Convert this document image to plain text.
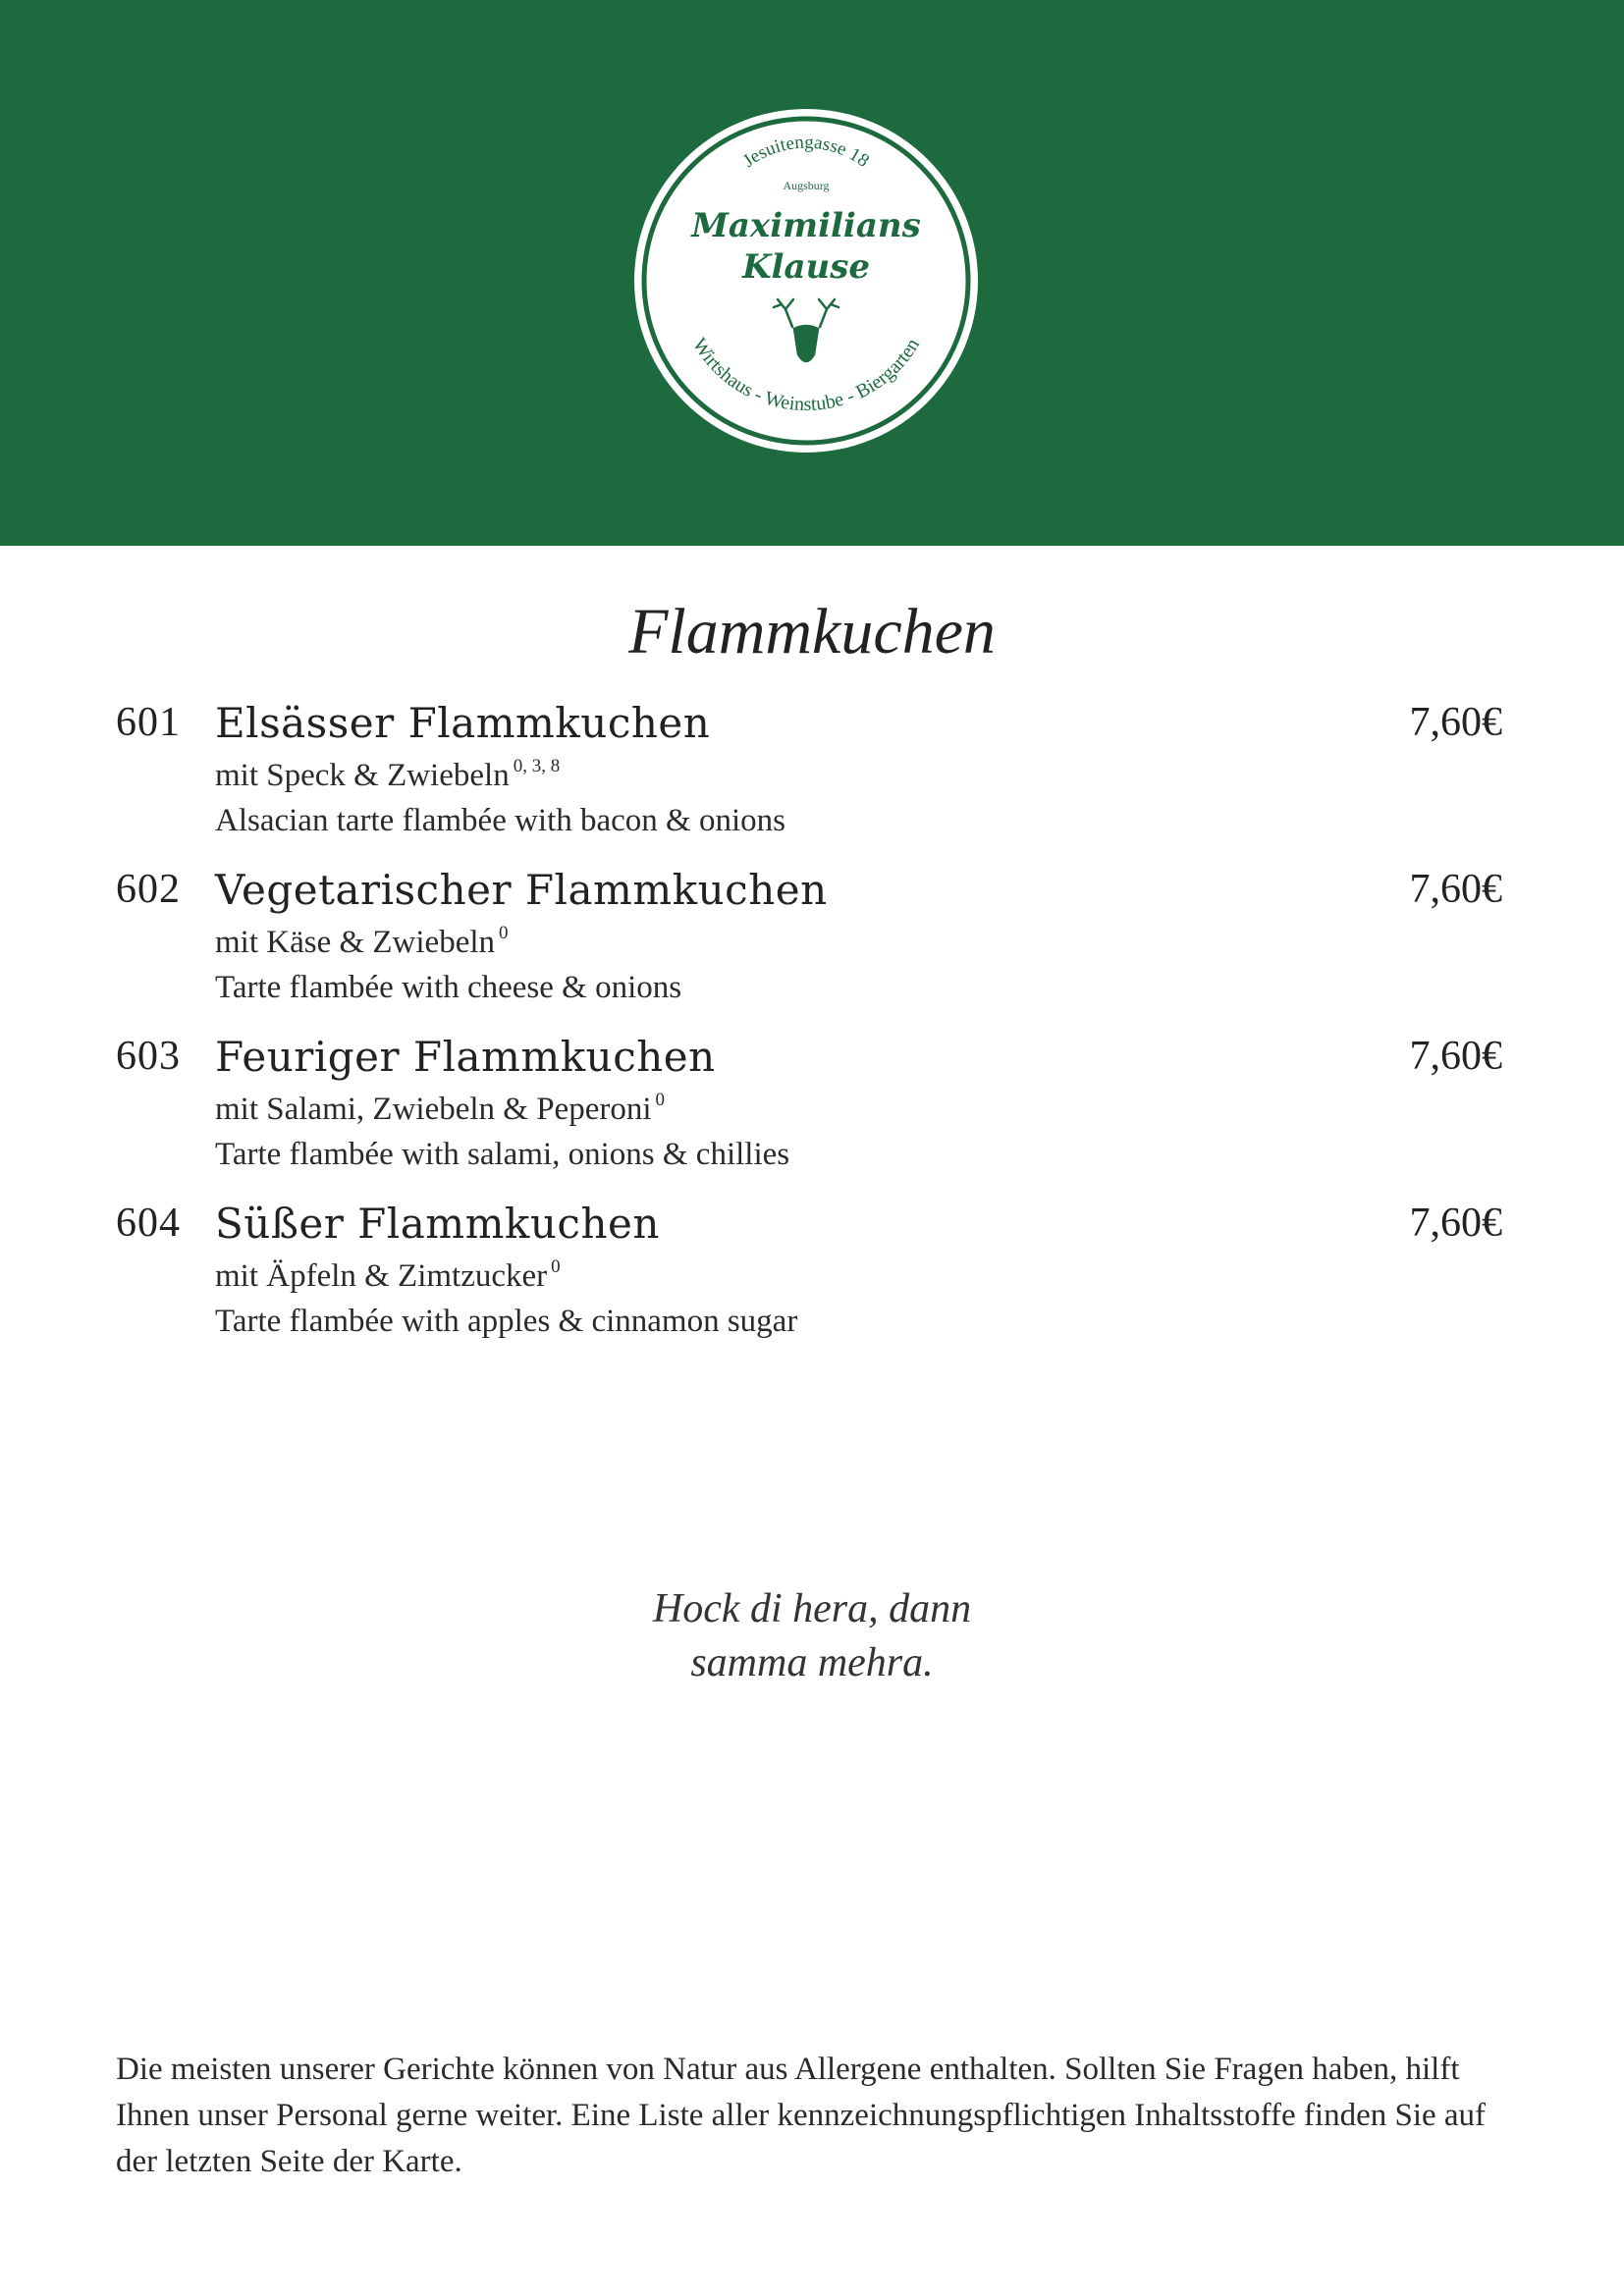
Jesuitengasse 18
Augsburg
Maximilians
Klause
Wirtshaus - Weinstube - Biergarten
Flammkuchen
601 Elsässer Flammkuchen	7,60€
mit Speck & Zwiebeln $^{0, 3, 8}$
Alsacian tarte flambée with bacon & onions
602 Vegetarischer Flammkuchen	7,60€
mit Käse & Zwiebeln $^0$
Tarte flambée with cheese & onions
603 Feuriger Flammkuchen	7,60€
mit Salami, Zwiebeln & Peperoni $^0$
Tarte flambée with salami, onions & chillies
604 Süßer Flammkuchen	7,60€
mit Äpfeln & Zimtzucker $^0$
Tarte flambée with apples & cinnamon sugar
Hock di hera, dann
samma mehra.
Die meisten unserer Gerichte können von Natur aus Allergene enthalten. Sollten Sie Fragen haben, hilft Ihnen unser Personal gerne weiter. Eine Liste aller kennzeichnungspflichtigen Inhaltsstoffe finden Sie auf der letzten Seite der Karte.
